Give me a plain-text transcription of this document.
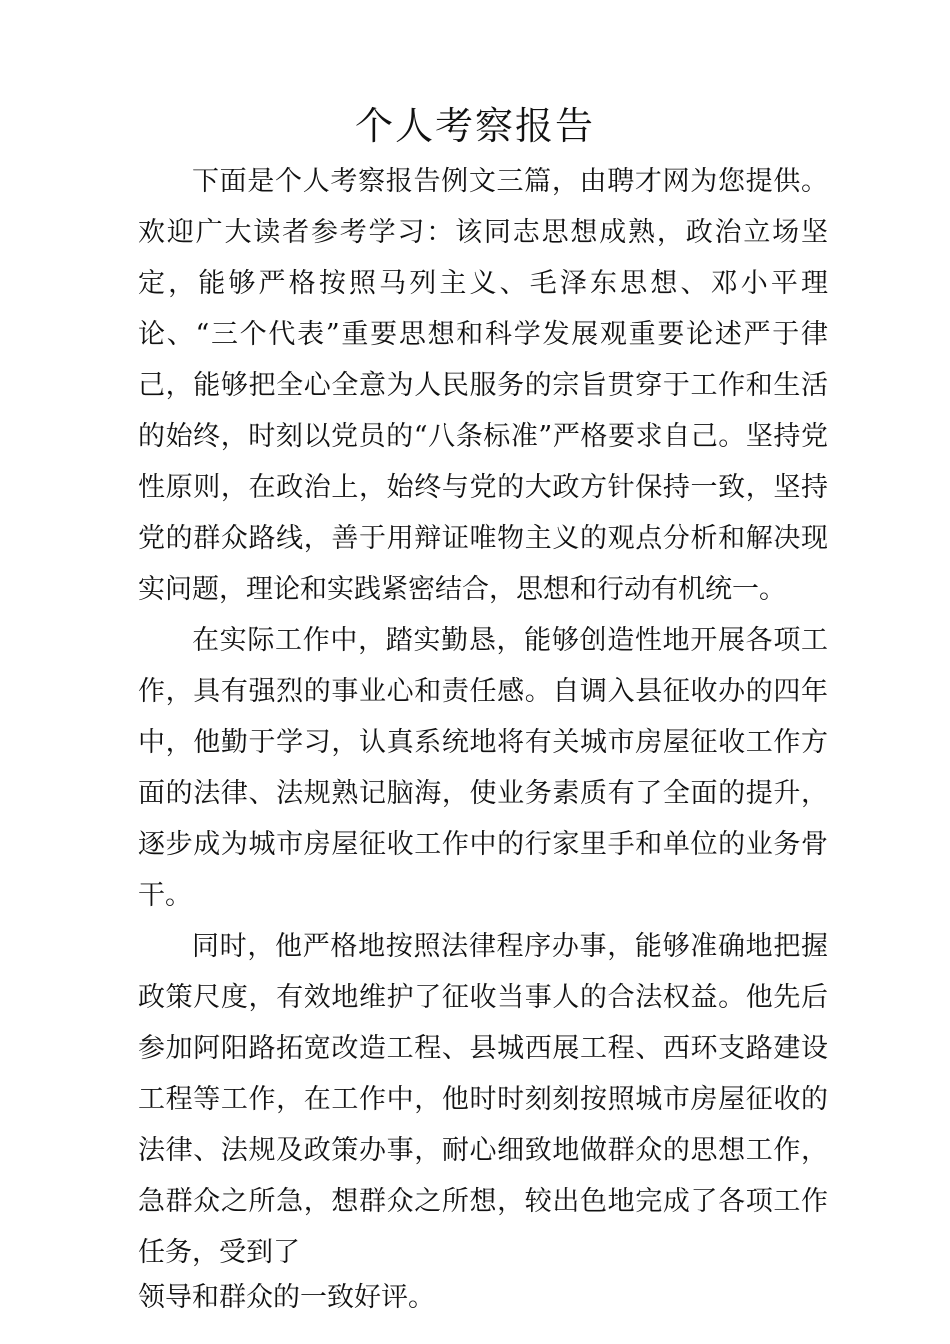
个人考察报告

下面是个人考察报告例文三篇，由聘才网为您提供。欢迎广大读者参考学习：该同志思想成熟，政治立场坚定，能够严格按照马列主义、毛泽东思想、邓小平理论、“三个代表”重要思想和科学发展观重要论述严于律己，能够把全心全意为人民服务的宗旨贯穿于工作和生活的始终，时刻以党员的“八条标准”严格要求自己。坚持党性原则，在政治上，始终与党的大政方针保持一致，坚持党的群众路线，善于用辩证唯物主义的观点分析和解决现实问题，理论和实践紧密结合，思想和行动有机统一。

在实际工作中，踏实勤恳，能够创造性地开展各项工作，具有强烈的事业心和责任感。自调入县征收办的四年中，他勤于学习，认真系统地将有关城市房屋征收工作方面的法律、法规熟记脑海，使业务素质有了全面的提升，逐步成为城市房屋征收工作中的行家里手和单位的业务骨干。

同时，他严格地按照法律程序办事，能够准确地把握政策尺度，有效地维护了征收当事人的合法权益。他先后参加阿阳路拓宽改造工程、县城西展工程、西环支路建设工程等工作，在工作中，他时时刻刻按照城市房屋征收的法律、法规及政策办事，耐心细致地做群众的思想工作，急群众之所急，想群众之所想，较出色地完成了各项工作任务，受到了

领导和群众的一致好评。
